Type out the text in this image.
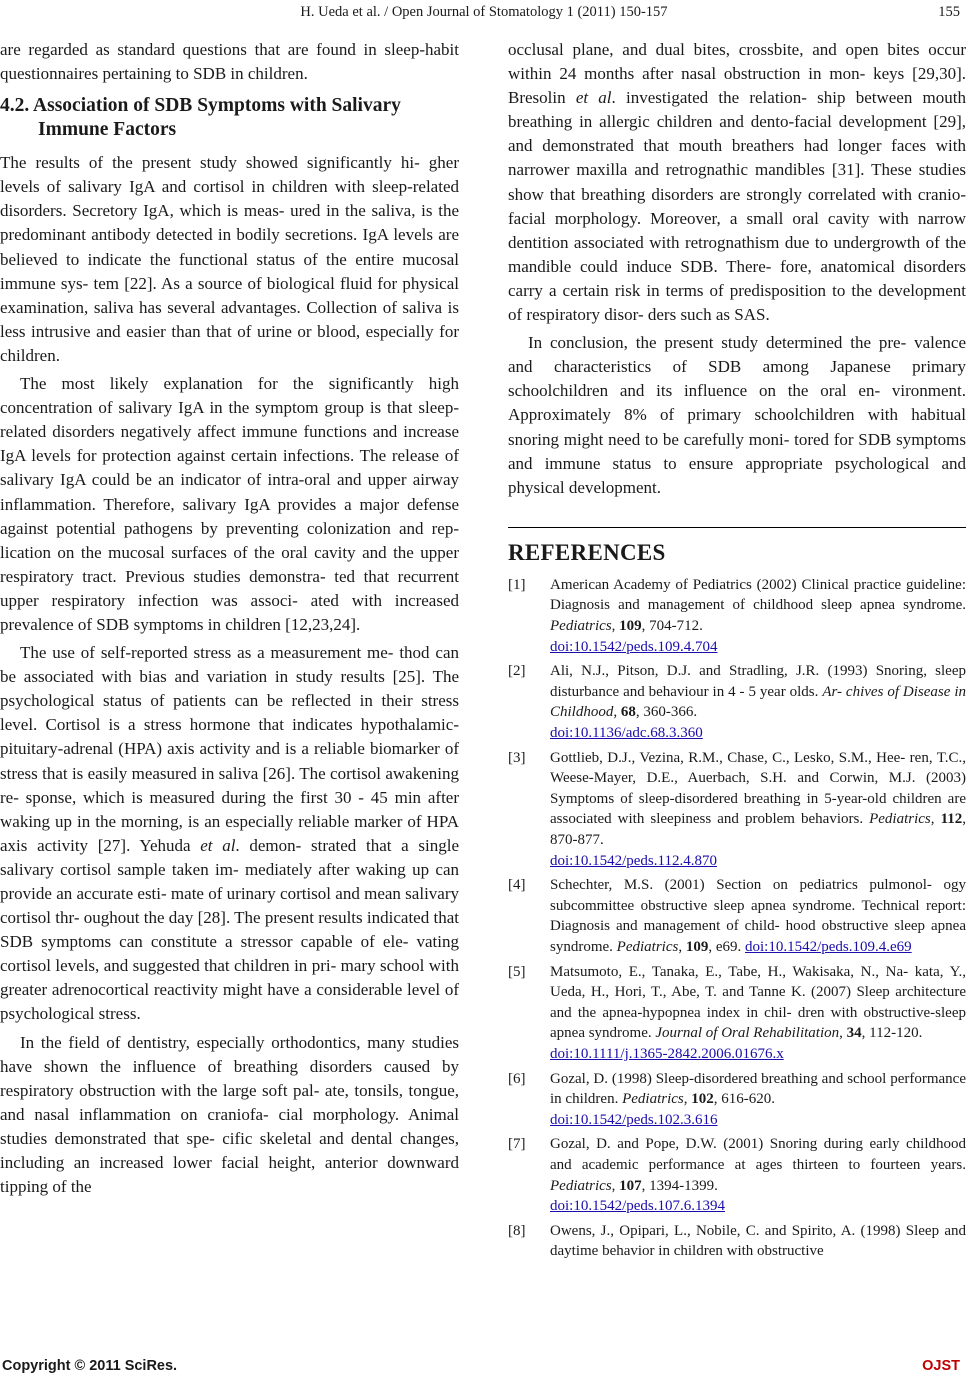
H. Ueda et al. / Open Journal of Stomatology 1 (2011) 150-157	155

are regarded as standard questions that are found in sleep-habit questionnaires pertaining to SDB in children.

4.2. Association of SDB Symptoms with Salivary Immune Factors

The results of the present study showed significantly hi- gher levels of salivary IgA and cortisol in children with sleep-related disorders. Secretory IgA, which is meas- ured in the saliva, is the predominant antibody detected in bodily secretions. IgA levels are believed to indicate the functional status of the entire mucosal immune sys- tem [22]. As a source of biological fluid for physical examination, saliva has several advantages. Collection of saliva is less intrusive and easier than that of urine or blood, especially for children.

The most likely explanation for the significantly high concentration of salivary IgA in the symptom group is that sleep-related disorders negatively affect immune functions and increase IgA levels for protection against certain infections. The release of salivary IgA could be an indicator of intra-oral and upper airway inflammation. Therefore, salivary IgA provides a major defense against potential pathogens by preventing colonization and rep- lication on the mucosal surfaces of the oral cavity and the upper respiratory tract. Previous studies demonstra- ted that recurrent upper respiratory infection was associ- ated with increased prevalence of SDB symptoms in children [12,23,24].

The use of self-reported stress as a measurement me- thod can be associated with bias and variation in study results [25]. The psychological status of patients can be reflected in their stress level. Cortisol is a stress hormone that indicates hypothalamic-pituitary-adrenal (HPA) axis activity and is a reliable biomarker of stress that is easily measured in saliva [26]. The cortisol awakening re- sponse, which is measured during the first 30 - 45 min after waking up in the morning, is an especially reliable marker of HPA axis activity [27]. Yehuda et al. demon- strated that a single salivary cortisol sample taken im- mediately after waking up can provide an accurate esti- mate of urinary cortisol and mean salivary cortisol thr- oughout the day [28]. The present results indicated that SDB symptoms can constitute a stressor capable of ele- vating cortisol levels, and suggested that children in pri- mary school with greater adrenocortical reactivity might have a considerable level of psychological stress.

In the field of dentistry, especially orthodontics, many studies have shown the influence of breathing disorders caused by respiratory obstruction with the large soft pal- ate, tonsils, tongue, and nasal inflammation on craniofa- cial morphology. Animal studies demonstrated that spe- cific skeletal and dental changes, including an increased lower facial height, anterior downward tipping of the

occlusal plane, and dual bites, crossbite, and open bites occur within 24 months after nasal obstruction in mon- keys [29,30]. Bresolin et al. investigated the relation- ship between mouth breathing in allergic children and dento-facial development [29], and demonstrated that mouth breathers had longer faces with narrower maxilla and retrognathic mandibles [31]. These studies show that breathing disorders are strongly correlated with cranio- facial morphology. Moreover, a small oral cavity with narrow dentition associated with retrognathism due to undergrowth of the mandible could induce SDB. There- fore, anatomical disorders carry a certain risk in terms of predisposition to the development of respiratory disor- ders such as SAS.

In conclusion, the present study determined the pre- valence and characteristics of SDB among Japanese primary schoolchildren and its influence on the oral en- vironment. Approximately 8% of primary schoolchildren with habitual snoring might need to be carefully moni- tored for SDB symptoms and immune status to ensure appropriate psychological and physical development.

REFERENCES
[1] American Academy of Pediatrics (2002) Clinical practice guideline: Diagnosis and management of childhood sleep apnea syndrome. Pediatrics, 109, 704-712.
doi:10.1542/peds.109.4.704
[2] Ali, N.J., Pitson, D.J. and Stradling, J.R. (1993) Snoring, sleep disturbance and behaviour in 4 - 5 year olds. Ar- chives of Disease in Childhood, 68, 360-366.
doi:10.1136/adc.68.3.360
[3] Gottlieb, D.J., Vezina, R.M., Chase, C., Lesko, S.M., Hee- ren, T.C., Weese-Mayer, D.E., Auerbach, S.H. and Corwin, M.J. (2003) Symptoms of sleep-disordered breathing in 5-year-old children are associated with sleepiness and problem behaviors. Pediatrics, 112, 870-877.
doi:10.1542/peds.112.4.870
[4] Schechter, M.S. (2001) Section on pediatrics pulmonol- ogy subcommittee obstructive sleep apnea syndrome. Technical report: Diagnosis and management of child- hood obstructive sleep apnea syndrome. Pediatrics, 109, e69. doi:10.1542/peds.109.4.e69
[5] Matsumoto, E., Tanaka, E., Tabe, H., Wakisaka, N., Na- kata, Y., Ueda, H., Hori, T., Abe, T. and Tanne K. (2007) Sleep architecture and the apnea-hypopnea index in chil- dren with obstructive-sleep apnea syndrome. Journal of Oral Rehabilitation, 34, 112-120.
doi:10.1111/j.1365-2842.2006.01676.x
[6] Gozal, D. (1998) Sleep-disordered breathing and school performance in children. Pediatrics, 102, 616-620.
doi:10.1542/peds.102.3.616
[7] Gozal, D. and Pope, D.W. (2001) Snoring during early childhood and academic performance at ages thirteen to fourteen years. Pediatrics, 107, 1394-1399.
doi:10.1542/peds.107.6.1394
[8] Owens, J., Opipari, L., Nobile, C. and Spirito, A. (1998) Sleep and daytime behavior in children with obstructive
Copyright © 2011 SciRes.	OJST
